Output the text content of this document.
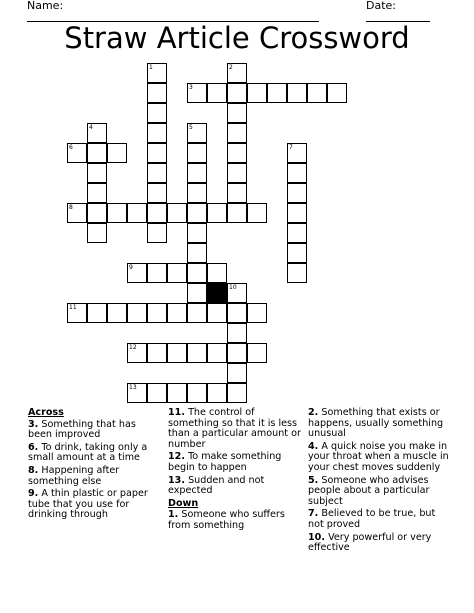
Name:	Date:
Straw Article Crossword
3
6
8
9
11
12
13
1	2
4	5
7
10
Across

3. Something that has been improved

6. To drink, taking only a small amount at a time

8. Happening after something else

9. A thin plastic or paper tube that you use for drinking through

11. The control of something so that it is less than a particular amount or number

12. To make something begin to happen

13. Sudden and not expected

Down

1. Someone who suffers from something

2. Something that exists or happens, usually something unusual

4. A quick noise you make in your throat when a muscle in your chest moves suddenly

5. Someone who advises people about a particular subject

7. Believed to be true, but not proved

10. Very powerful or very effective
